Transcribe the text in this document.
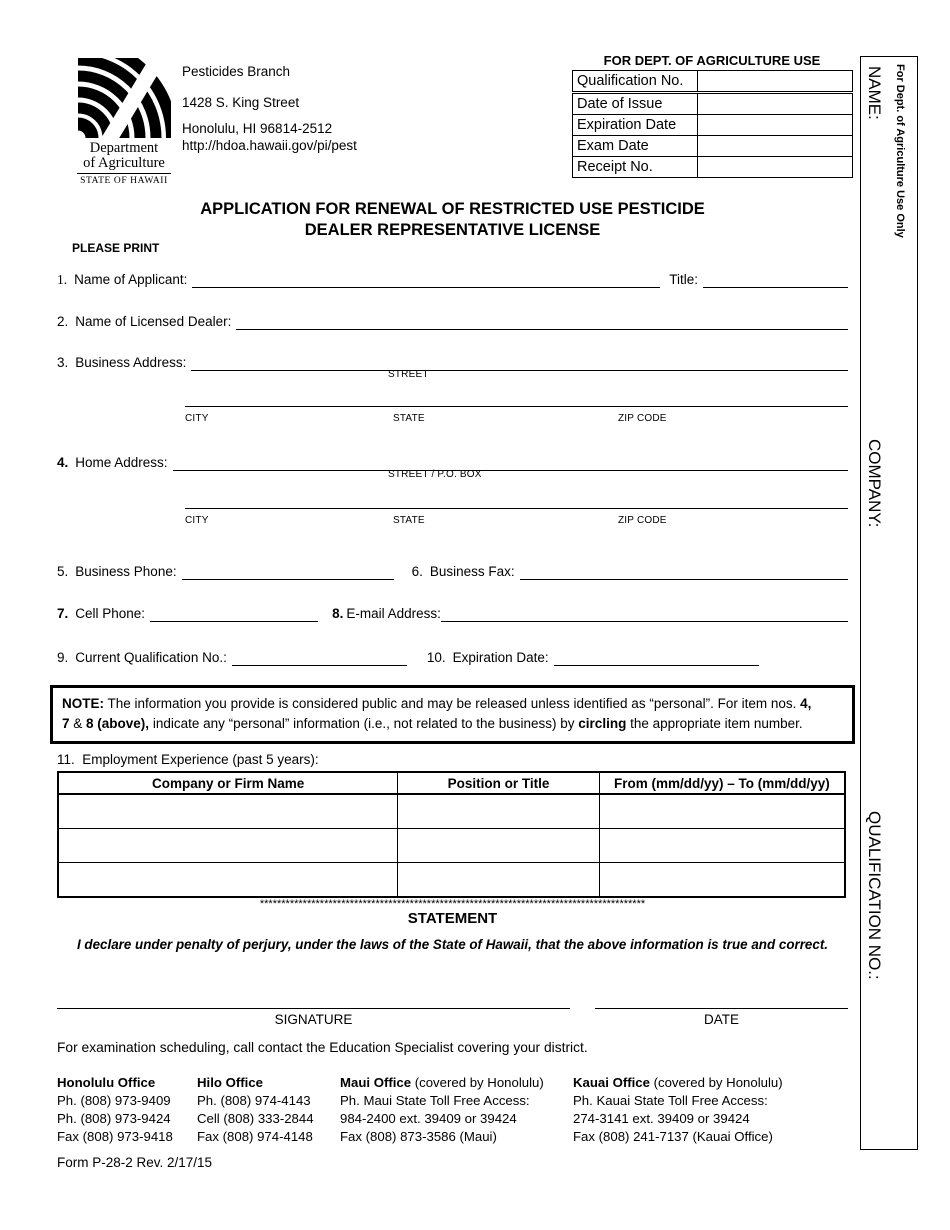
Department
of Agriculture
STATE OF HAWAII
Pesticides Branch
1428 S. King Street
Honolulu, HI 96814-2512
http://hdoa.hawaii.gov/pi/pest
FOR DEPT. OF AGRICULTURE USE
Qualification No.	
Date of Issue	
Expiration Date	
Exam Date	
Receipt No.		For Dept. of Agriculture Use Only
NAME:
COMPANY:
QUALIFICATION NO.:
APPLICATION FOR RENEWAL OF RESTRICTED USE PESTICIDE
DEALER REPRESENTATIVE LICENSE
PLEASE PRINT
1. Name of Applicant:	Title:
2. Name of Licensed Dealer:
3. Business Address:
STREET
CITY	STATE	ZIP CODE
4. Home Address:
STREET / P.O. BOX
CITY	STATE	ZIP CODE
5. Business Phone:	6. Business Fax:
7. Cell Phone:	8. E-mail Address:
9. Current Qualification No.:	10. Expiration Date:
NOTE: The information you provide is considered public and may be released unless identified as “personal”. For item nos. 4,
7 & 8 (above), indicate any “personal” information (i.e., not related to the business) by circling the appropriate item number.
11. Employment Experience (past 5 years):
Company or Firm Name	Position or Title	From (mm/dd/yy) – To (mm/dd/yy)

******************************************************************************************
STATEMENT
I declare under penalty of perjury, under the laws of the State of Hawaii, that the above information is true and correct.
SIGNATURE	DATE
For examination scheduling, call contact the Education Specialist covering your district.
Honolulu Office
Ph. (808) 973-9409
Ph. (808) 973-9424
Fax (808) 973-9418
Hilo Office
Ph. (808) 974-4143
Cell (808) 333-2844
Fax (808) 974-4148
Maui Office (covered by Honolulu)
Ph. Maui State Toll Free Access:
984-2400 ext. 39409 or 39424
Fax (808) 873-3586 (Maui)
Kauai Office (covered by Honolulu)
Ph. Kauai State Toll Free Access:
274-3141 ext. 39409 or 39424
Fax (808) 241-7137 (Kauai Office)
Form P-28-2 Rev. 2/17/15
